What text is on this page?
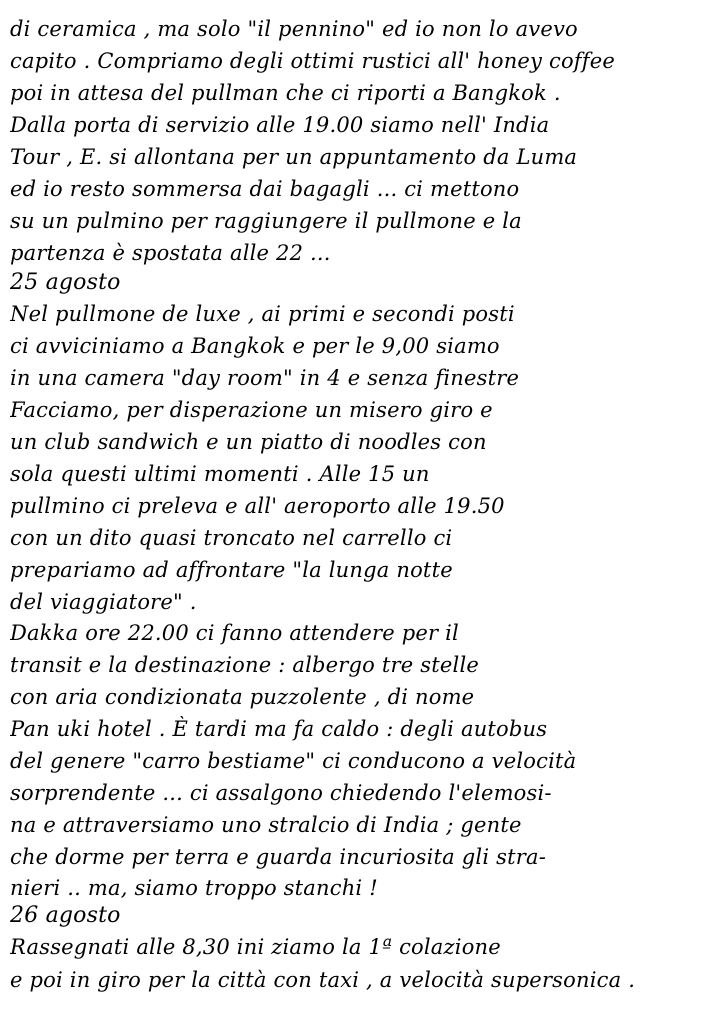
di ceramica , ma solo "il pennino" ed io non lo avevo
capito . Compriamo degli ottimi rustici all' honey coffee
poi in attesa del pullman che ci riporti a Bangkok .
Dalla porta di servizio alle 19.00 siamo nell' India
Tour , E. si allontana per un appuntamento da Luma
ed io resto sommersa dai bagagli ... ci mettono
su un pulmino per raggiungere il pullmone e la
partenza è spostata alle 22 ...
25 agosto
Nel pullmone de luxe , ai primi e secondi posti
ci avviciniamo a Bangkok e per le 9,00 siamo
in una camera "day room" in 4 e senza finestre
Facciamo, per disperazione un misero giro e
un club sandwich e un piatto di noodles con
sola questi ultimi momenti . Alle 15 un
pullmino ci preleva e all' aeroporto alle 19.50
con un dito quasi troncato nel carrello ci
prepariamo ad affrontare "la lunga notte
del viaggiatore" .
Dakka ore 22.00 ci fanno attendere per il
transit e la destinazione : albergo tre stelle
con aria condizionata puzzolente , di nome
Pan uki hotel . È tardi ma fa caldo : degli autobus
del genere "carro bestiame" ci conducono a velocità
sorprendente ... ci assalgono chiedendo l'elemosi-
na e attraversiamo uno stralcio di India ; gente
che dorme per terra e guarda incuriosita gli stra-
nieri .. ma, siamo troppo stanchi !
26 agosto
Rassegnati alle 8,30 ini ziamo la 1ª colazione
e poi in giro per la città con taxi , a velocità supersonica .
